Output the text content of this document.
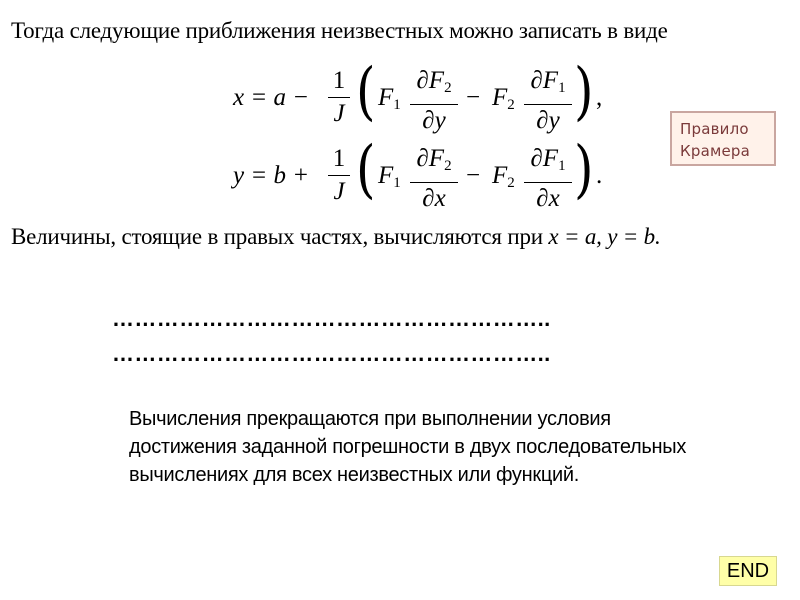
Тогда следующие приближения неизвестных можно записать в виде
x = a −
1
J ( $F_1$
$\partial F_2$
∂y
− $F_2$
$\partial F_1$
∂y ) ,
y = b +
1
J ( $F_1$
$\partial F_2$
∂x
− $F_2$
$\partial F_1$
∂x ) .
Правило
Крамера
Величины, стоящие в правых частях, вычисляются при x = a, y = b.
…………………………………………………..
…………………………………………………..
Вычисления прекращаются при выполнении условия достижения заданной погрешности в двух последовательных вычислениях для всех неизвестных или функций.
END
